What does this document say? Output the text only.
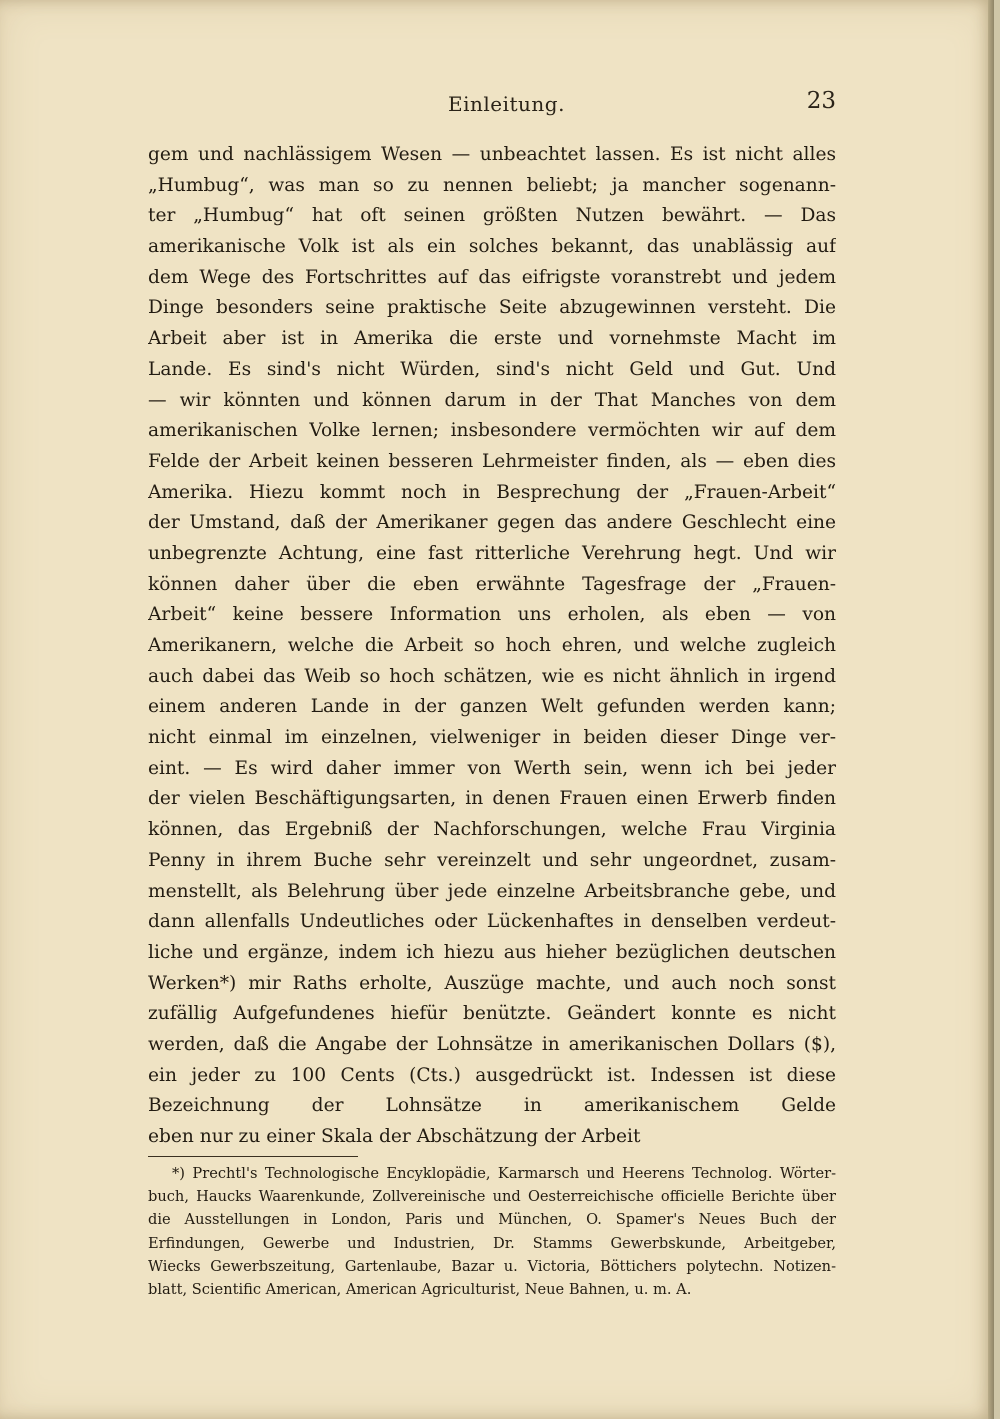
Einleitung.	23
gem und nachlässigem Wesen — unbeachtet lassen. Es ist nicht alles
„Humbug“, was man so zu nennen beliebt; ja mancher sogenann-
ter „Humbug“ hat oft seinen größten Nutzen bewährt. — Das
amerikanische Volk ist als ein solches bekannt, das unablässig auf
dem Wege des Fortschrittes auf das eifrigste voranstrebt und jedem
Dinge besonders seine praktische Seite abzugewinnen versteht. Die
Arbeit aber ist in Amerika die erste und vornehmste Macht im
Lande. Es sind's nicht Würden, sind's nicht Geld und Gut. Und
— wir könnten und können darum in der That Manches von dem
amerikanischen Volke lernen; insbesondere vermöchten wir auf dem
Felde der Arbeit keinen besseren Lehrmeister finden, als — eben dies
Amerika. Hiezu kommt noch in Besprechung der „Frauen-Arbeit“
der Umstand, daß der Amerikaner gegen das andere Geschlecht eine
unbegrenzte Achtung, eine fast ritterliche Verehrung hegt. Und wir
können daher über die eben erwähnte Tagesfrage der „Frauen-
Arbeit“ keine bessere Information uns erholen, als eben — von
Amerikanern, welche die Arbeit so hoch ehren, und welche zugleich
auch dabei das Weib so hoch schätzen, wie es nicht ähnlich in irgend
einem anderen Lande in der ganzen Welt gefunden werden kann;
nicht einmal im einzelnen, vielweniger in beiden dieser Dinge ver-
eint. — Es wird daher immer von Werth sein, wenn ich bei jeder
der vielen Beschäftigungsarten, in denen Frauen einen Erwerb finden
können, das Ergebniß der Nachforschungen, welche Frau Virginia
Penny in ihrem Buche sehr vereinzelt und sehr ungeordnet, zusam-
menstellt, als Belehrung über jede einzelne Arbeitsbranche gebe, und
dann allenfalls Undeutliches oder Lückenhaftes in denselben verdeut-
liche und ergänze, indem ich hiezu aus hieher bezüglichen deutschen
Werken*) mir Raths erholte, Auszüge machte, und auch noch sonst
zufällig Aufgefundenes hiefür benützte. Geändert konnte es nicht
werden, daß die Angabe der Lohnsätze in amerikanischen Dollars ($),
ein jeder zu 100 Cents (Cts.) ausgedrückt ist. Indessen ist diese
Bezeichnung der Lohnsätze in amerikanischem Gelde
eben nur zu einer Skala der Abschätzung der Arbeit
*) Prechtl's Technologische Encyklopädie, Karmarsch und Heerens Technolog. Wörter-
buch, Haucks Waarenkunde, Zollvereinische und Oesterreichische officielle Berichte über
die Ausstellungen in London, Paris und München, O. Spamer's Neues Buch der
Erfindungen, Gewerbe und Industrien, Dr. Stamms Gewerbskunde, Arbeitgeber,
Wiecks Gewerbszeitung, Gartenlaube, Bazar u. Victoria, Böttichers polytechn. Notizen-
blatt, Scientific American, American Agriculturist, Neue Bahnen, u. m. A.
